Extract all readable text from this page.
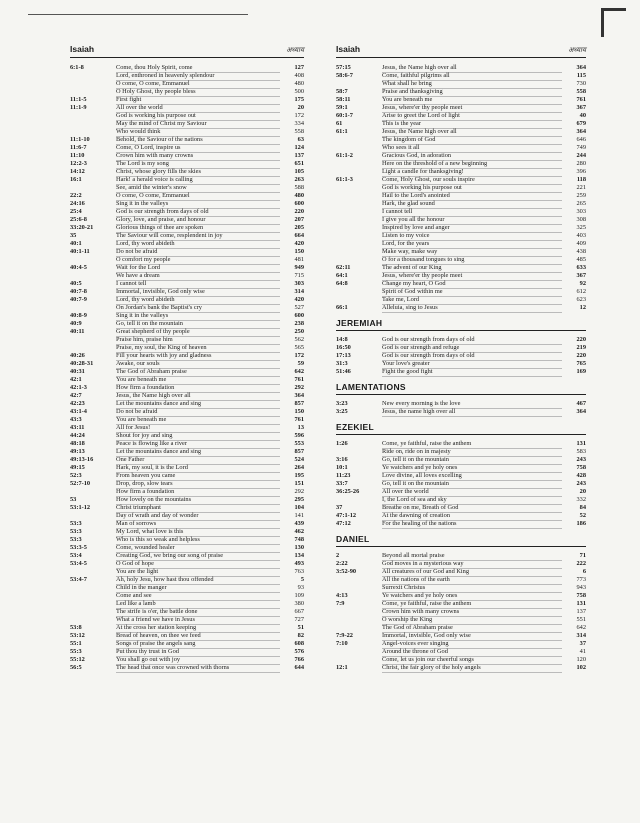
Isaiah	अध्याय
6:1-8	Come, thou Holy Spirit, come	127
Lord, enthroned in heavenly splendour	408
O come, O come, Emmanuel	480
O Holy Ghost, thy people bless	500
11:1-5	First fight	175
11:1-9	All over the world	20
God is working his purpose out	172
May the mind of Christ my Saviour	334
Who would think	558
11:1-10	Behold, the Saviour of the nations	63
11:6-7	Come, O Lord, inspire us	124
11:10	Crown him with many crowns	137
12:2-3	The Lord is my song	651
14:12	Christ, whose glory fills the skies	105
16:1	Hark! a herald voice is calling	263
See, amid the winter's snow	588
22:2	O come, O come, Emmanuel	480
24:16	Sing it in the valleys	600
25:4	God is our strength from days of old	220
25:6-8	Glory, love, and praise, and honour	207
33:20-21	Glorious things of thee are spoken	205
35	The Saviour will come, resplendent in joy	664
40:1	Lord, thy word abideth	420
40:1-11	Do not be afraid	150
O comfort my people	481
40:4-5	Wait for the Lord	949
We have a dream	715
40:5	I cannot tell	303
40:7-8	Immortal, invisible, God only wise	314
40:7-9	Lord, thy word abideth	420
On Jordan's bank the Baptist's cry	527
40:8-9	Sing it in the valleys	600
40:9	Go, tell it on the mountain	238
40:11	Great shepherd of thy people	250
Praise him, praise him	562
Praise, my soul, the King of heaven	565
40:26	Fill your hearts with joy and gladness	172
40:28-31	Awake, our souls	59
40:31	The God of Abraham praise	642
42:1	You are beneath me	761
42:1-3	How firm a foundation	292
42:7	Jesus, the Name high over all	364
42:23	Let the mountains dance and sing	857
43:1-4	Do not be afraid	150
43:3	You are beneath me	761
43:11	All for Jesus!	13
44:24	Shout for joy and sing	596
48:18	Peace is flowing like a river	553
49:13	Let the mountains dance and sing	857
49:13-16	One Father	524
49:15	Hark, my soul, it is the Lord	264
52:3	From heaven you came	195
52:7-10	Drop, drop, slow tears	151
How firm a foundation	292
53	How lovely on the mountains	295
53:1-12	Christ triumphant	104
Day of wrath and day of wonder	141
53:3	Man of sorrows	439
53:3	My Lord, what love is this	462
53:3	Who is this so weak and helpless	748
53:3-5	Come, wounded healer	130
53:4	Creating God, we bring our song of praise	134
53:4-5	O God of hope	493
You are the light	763
53:4-7	Ah, holy Jesu, how hast thou offended	5
Child in the manger	93
Come and see	109
Led like a lamb	380
The strife is o'er, the battle done	667
What a friend we have in Jesus	727
53:8	At the cross her station keeping	51
53:12	Bread of heaven, on thee we feed	82
55:1	Songs of praise the angels sang	608
55:3	Put thou thy trust in God	576
55:12	You shall go out with joy	766
56:5	The head that once was crowned with thorns	644
Isaiah	अध्याय
57:15	Jesus, the Name high over all	364
58:6-7	Come, faithful pilgrims all	115
What shall he bring	730
58:7	Praise and thanksgiving	558
58:11	You are beneath me	761
59:1	Jesus, where'er thy people meet	367
60:1-7	Arise to greet the Lord of light	40
61	This is the year	679
61:1	Jesus, the Name high over all	364
The kingdom of God	646
Who sees it all	749
61:1-2	Gracious God, in adoration	244
Here on the threshold of a new beginning	280
Light a candle for thanksgiving!	396
61:1-3	Come, Holy Ghost, our souls inspire	118
God is working his purpose out	221
Hail to the Lord's anointed	259
Hark, the glad sound	265
I cannot tell	303
I give you all the honour	308
Inspired by love and anger	325
Listen to my voice	403
Lord, for the years	409
Make way, make way	438
O for a thousand tongues to sing	485
62:11	The advent of our King	633
64:1	Jesus, where'er thy people meet	367
64:8	Change my heart, O God	92
Spirit of God within me	612
Take me, Lord	623
66:1	Alleluia, sing to Jesus	12
JEREMIAH
14:8	God is our strength from days of old	220
16:50	God is our strength and refuge	219
17:13	God is our strength from days of old	220
31:3	Your love's greater	765
51:46	Fight the good fight	169
LAMENTATIONS
3:23	New every morning is the love	467
3:25	Jesus, the name high over all	364
EZEKIEL
1:26	Come, ye faithful, raise the anthem	131
Ride on, ride on in majesty	583
3:16	Go, tell it on the mountain	243
10:1	Ye watchers and ye holy ones	758
11:23	Love divine, all loves excelling	428
33:7	Go, tell it on the mountain	243
36:25-26	All over the world	20
I, the Lord of sea and sky	332
37	Breathe on me, Breath of God	84
47:1-12	At the dawning of creation	52
47:12	For the healing of the nations	186
DANIEL
2	Beyond all mortal praise	71
2:22	God moves in a mysterious way	222
3:52-90	All creatures of our God and King	6
All the nations of the earth	773
Surrexit Christus	943
4:13	Ye watchers and ye holy ones	758
7:9	Come, ye faithful, raise the anthem	131
Crown him with many crowns	137
O worship the King	551
The God of Abraham praise	642
7:9-22	Immortal, invisible, God only wise	314
7:10	Angel-voices ever singing	37
Around the throne of God	41
Come, let us join our cheerful songs	120
12:1	Christ, the fair glory of the holy angels	102
